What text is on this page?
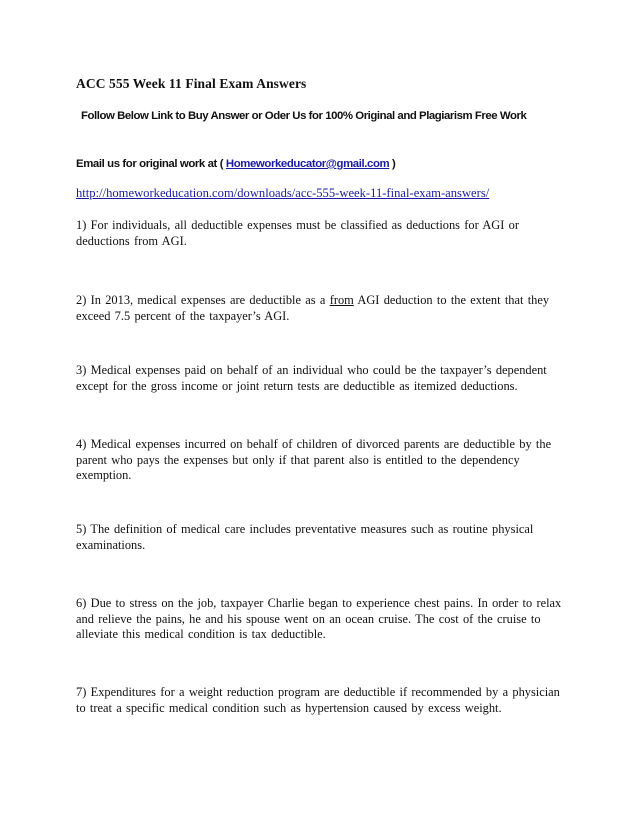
ACC 555 Week 11 Final Exam Answers
Follow Below Link to Buy Answer or Oder Us for 100% Original and Plagiarism Free Work
Email us for original work at ( Homeworkeducator@gmail.com )
http://homeworkeducation.com/downloads/acc-555-week-11-final-exam-answers/
1) For individuals, all deductible expenses must be classified as deductions for AGI or deductions from AGI.
2) In 2013, medical expenses are deductible as a from AGI deduction to the extent that they exceed 7.5 percent of the taxpayer’s AGI.
3) Medical expenses paid on behalf of an individual who could be the taxpayer’s dependent except for the gross income or joint return tests are deductible as itemized deductions.
4) Medical expenses incurred on behalf of children of divorced parents are deductible by the parent who pays the expenses but only if that parent also is entitled to the dependency exemption.
5) The definition of medical care includes preventative measures such as routine physical examinations.
6) Due to stress on the job, taxpayer Charlie began to experience chest pains. In order to relax and relieve the pains, he and his spouse went on an ocean cruise. The cost of the cruise to alleviate this medical condition is tax deductible.
7) Expenditures for a weight reduction program are deductible if recommended by a physician to treat a specific medical condition such as hypertension caused by excess weight.
